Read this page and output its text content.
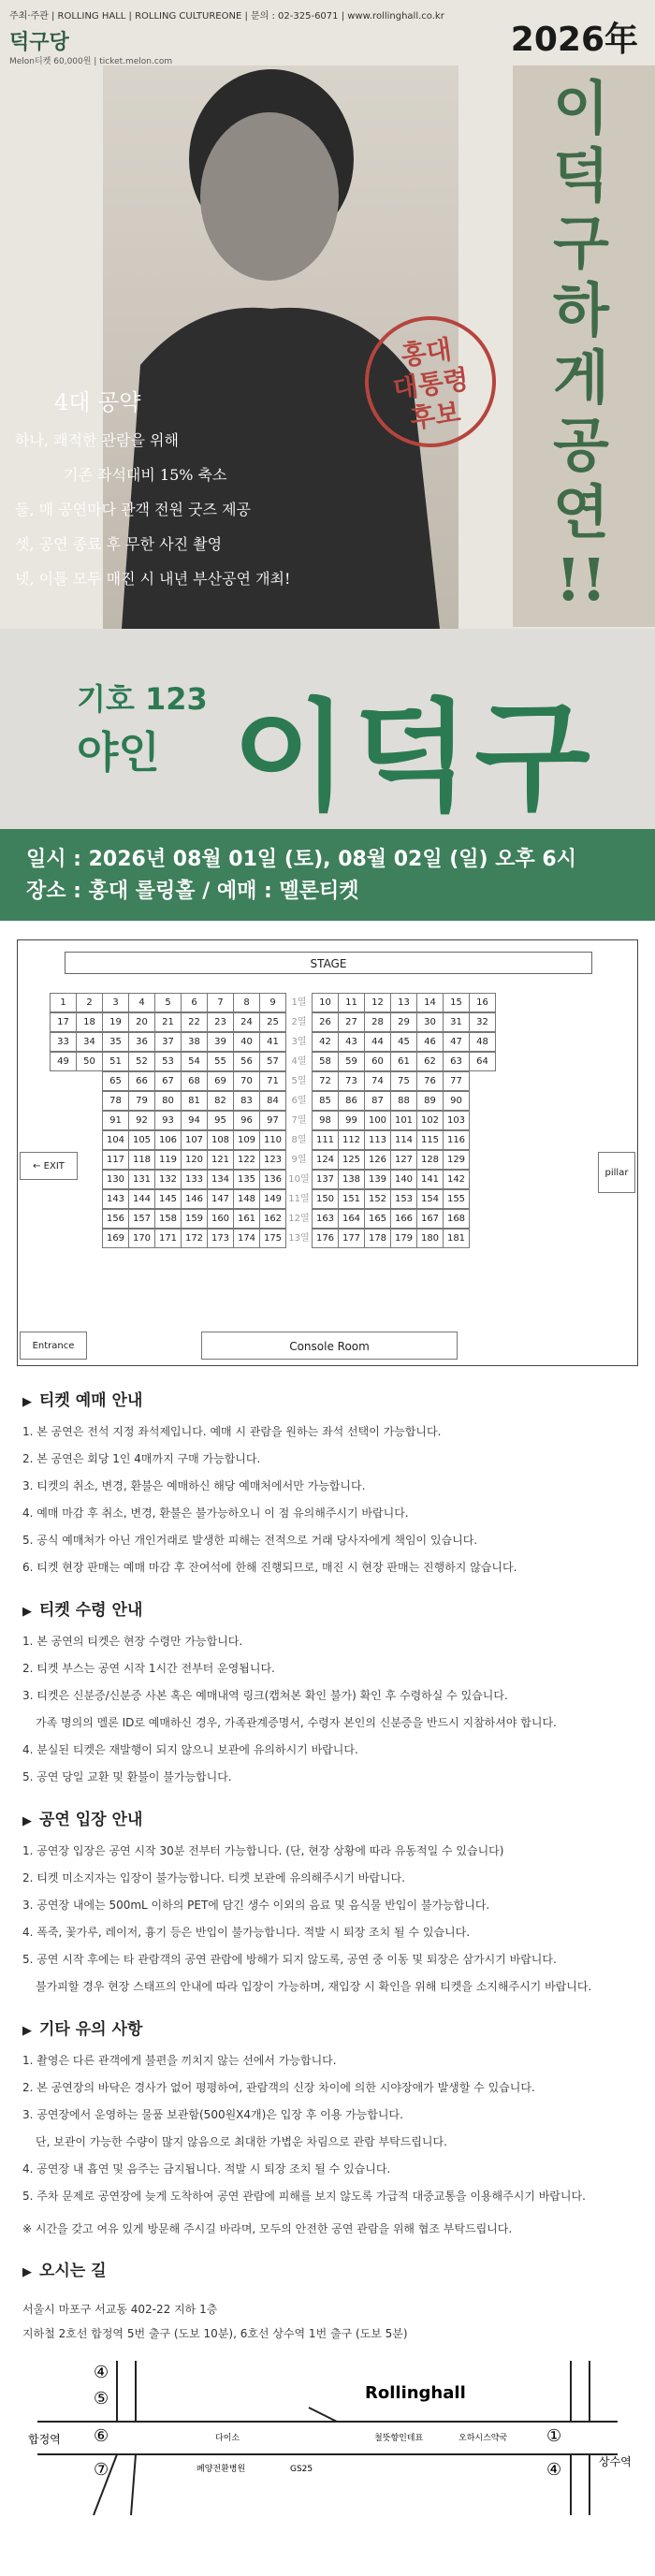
주최·주관 | ROLLING HALL | ROLLING CULTUREONE | 문의 : 02-325-6071 | www.rollinghall.co.kr
덕구당
Melon티켓 60,000원 | ticket.melon.com
2026年
이
덕
구
하
게
공
연
!!
홍대
대통령
후보
4대 공약
하나, 쾌적한 관람을 위해
기존 좌석대비 15% 축소
둘, 매 공연마다 관객 전원 굿즈 제공
셋, 공연 종료 후 무한 사진 촬영
넷, 이틀 모두 매진 시 내년 부산공연 개최!
기호 123
야인 이덕구
일시 : 2026년 08월 01일 (토), 08월 02일 (일) 오후 6시
장소 : 홍대 롤링홀 / 예매 : 멜론티켓
STAGE
1	2	3	4	5	6	7	8	9	1열	10	11	12	13	14	15	16
17	18	19	20	21	22	23	24	25	2열	26	27	28	29	30	31	32
33	34	35	36	37	38	39	40	41	3열	42	43	44	45	46	47	48
49	50	51	52	53	54	55	56	57	4열	58	59	60	61	62	63	64
65	66	67	68	69	70	71	5열	72	73	74	75	76	77
78	79	80	81	82	83	84	6열	85	86	87	88	89	90
91	92	93	94	95	96	97	7열	98	99	100 101 102 103
104 105 106 107 108 109 110	8열	111 112 113 114 115 116
117 118 119 120 121 122 123	9열	124 125 126 127 128 129
130 131 132 133 134 135 136 10열 137 138 139 140 141 142
143 144 145 146 147 148 149 11열 150 151 152 153 154 155
156 157 158 159 160 161 162 12열 163 164 165 166 167 168
169 170 171 172 173 174 175 13열 176 177 178 179 180 181
← EXIT
pillar
Entrance	Console Room
▶ 티켓 예매 안내

1. 본 공연은 전석 지정 좌석제입니다. 예매 시 관람을 원하는 좌석 선택이 가능합니다.

2. 본 공연은 회당 1인 4매까지 구매 가능합니다.

3. 티켓의 취소, 변경, 환불은 예매하신 해당 예매처에서만 가능합니다.

4. 예매 마감 후 취소, 변경, 환불은 불가능하오니 이 점 유의해주시기 바랍니다.

5. 공식 예매처가 아닌 개인거래로 발생한 피해는 전적으로 거래 당사자에게 책임이 있습니다.

6. 티켓 현장 판매는 예매 마감 후 잔여석에 한해 진행되므로, 매진 시 현장 판매는 진행하지 않습니다.

▶ 티켓 수령 안내

1. 본 공연의 티켓은 현장 수령만 가능합니다.

2. 티켓 부스는 공연 시작 1시간 전부터 운영됩니다.

3. 티켓은 신분증/신분증 사본 혹은 예매내역 링크(캡쳐본 확인 불가) 확인 후 수령하실 수 있습니다.

가족 명의의 멜론 ID로 예매하신 경우, 가족관계증명서, 수령자 본인의 신분증을 반드시 지참하셔야 합니다.

4. 분실된 티켓은 재발행이 되지 않으니 보관에 유의하시기 바랍니다.

5. 공연 당일 교환 및 환불이 불가능합니다.

▶ 공연 입장 안내

1. 공연장 입장은 공연 시작 30분 전부터 가능합니다. (단, 현장 상황에 따라 유동적일 수 있습니다)

2. 티켓 미소지자는 입장이 불가능합니다. 티켓 보관에 유의해주시기 바랍니다.

3. 공연장 내에는 500mL 이하의 PET에 담긴 생수 이외의 음료 및 음식물 반입이 불가능합니다.

4. 폭죽, 꽃가루, 레이저, 흉기 등은 반입이 불가능합니다. 적발 시 퇴장 조치 될 수 있습니다.

5. 공연 시작 후에는 타 관람객의 공연 관람에 방해가 되지 않도록, 공연 중 이동 및 퇴장은 삼가시기 바랍니다.

불가피할 경우 현장 스태프의 안내에 따라 입장이 가능하며, 재입장 시 확인을 위해 티켓을 소지해주시기 바랍니다.

▶ 기타 유의 사항

1. 촬영은 다른 관객에게 불편을 끼치지 않는 선에서 가능합니다.

2. 본 공연장의 바닥은 경사가 없어 평평하여, 관람객의 신장 차이에 의한 시야장애가 발생할 수 있습니다.

3. 공연장에서 운영하는 물품 보관함(500원X4개)은 입장 후 이용 가능합니다.

단, 보관이 가능한 수량이 많지 않음으로 최대한 가볍운 차림으로 관람 부탁드립니다.

4. 공연장 내 흡연 및 음주는 금지됩니다. 적발 시 퇴장 조치 될 수 있습니다.

5. 주차 문제로 공연장에 늦게 도착하여 공연 관람에 피해를 보지 않도록 가급적 대중교통을 이용해주시기 바랍니다.

※ 시간을 갖고 여유 있게 방문해 주시길 바라며, 모두의 안전한 공연 관람을 위해 협조 부탁드립니다.
▶ 오시는 길
서울시 마포구 서교동 402-22 지하 1층
지하철 2호선 합정역 5번 출구 (도보 10분), 6호선 상수역 1번 출구 (도보 5분)
Rollinghall
합정역
상수역
④
⑤
⑥
⑦
①
④
다이소	철뜻향인테표	오하시스약국
폐양전환병원	GS25
